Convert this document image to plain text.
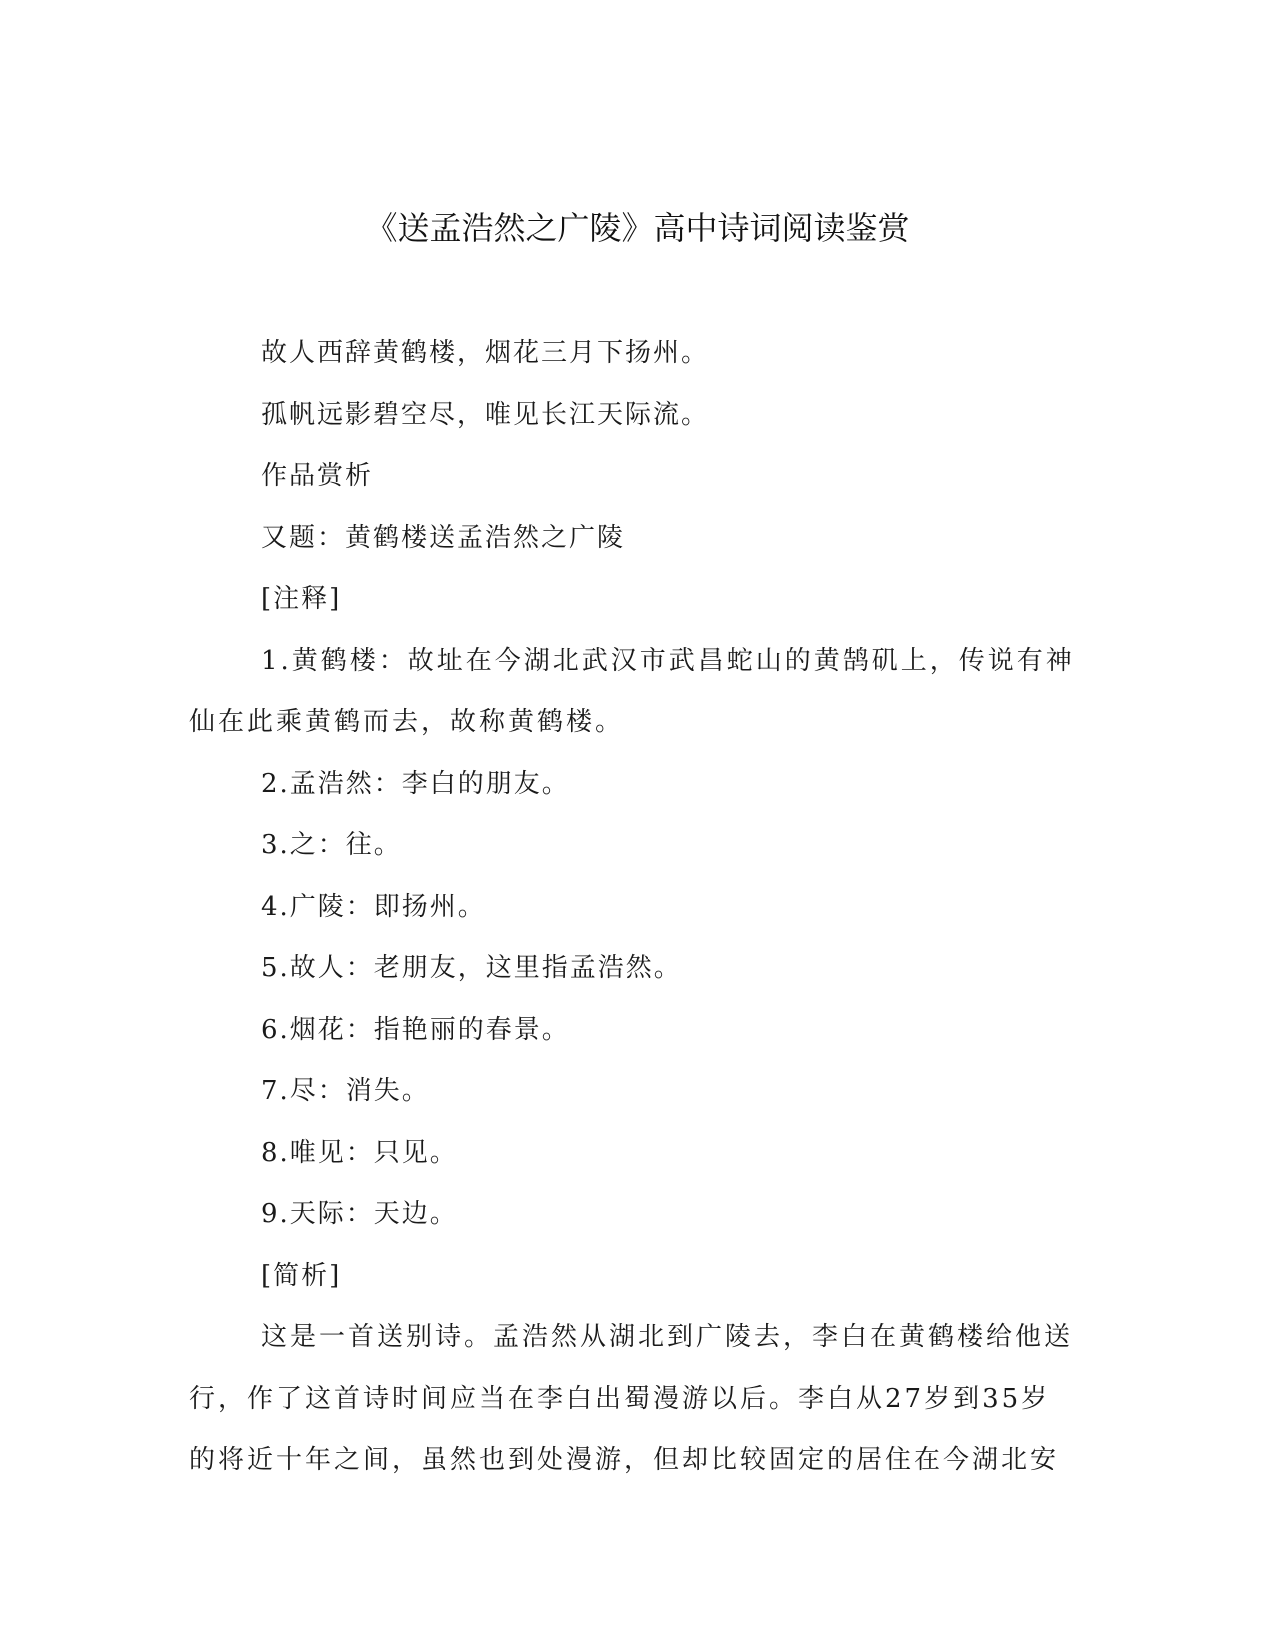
《送孟浩然之广陵》高中诗词阅读鉴赏

故人西辞黄鹤楼，烟花三月下扬州。

孤帆远影碧空尽，唯见长江天际流。

作品赏析

又题：黄鹤楼送孟浩然之广陵

[注释]

1.黄鹤楼：故址在今湖北武汉市武昌蛇山的黄鹄矶上，传说有神仙在此乘黄鹤而去，故称黄鹤楼。

2.孟浩然：李白的朋友。

3.之：往。

4.广陵：即扬州。

5.故人：老朋友，这里指孟浩然。

6.烟花：指艳丽的春景。

7.尽：消失。

8.唯见：只见。

9.天际：天边。

[简析]

这是一首送别诗。孟浩然从湖北到广陵去，李白在黄鹤楼给他送行，作了这首诗时间应当在李白出蜀漫游以后。李白从27岁到35岁的将近十年之间，虽然也到处漫游，但却比较固定的居住在今湖北安
